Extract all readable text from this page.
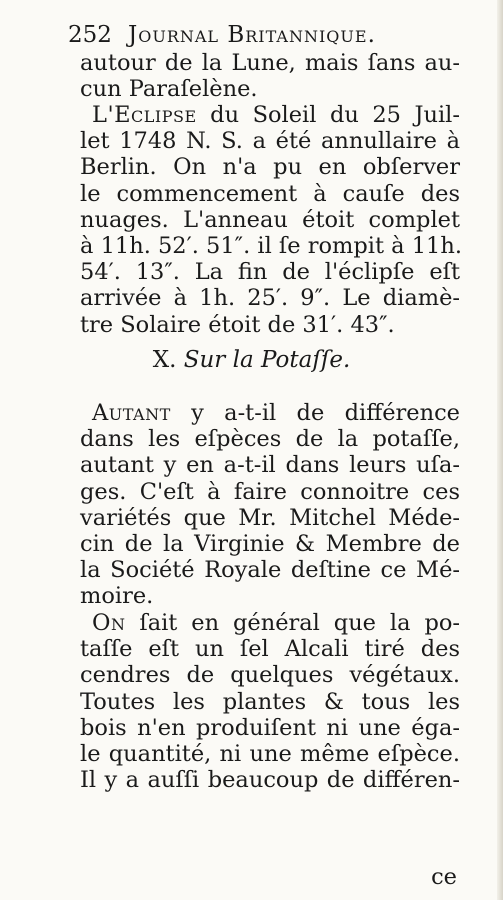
252 Journal Britannique.
autour de la Lune, mais ſans au-
cun Paraſelène.
L'Eclipse du Soleil du 25 Juil-
let 1748 N. S. a été annullaire à
Berlin. On n'a pu en obſerver
le commencement à cauſe des
nuages. L'anneau étoit complet
à 11h. 52′. 51″. il ſe rompit à 11h.
54′. 13″. La fin de l'éclipſe eſt
arrivée à 1h. 25′. 9″. Le diamè-
tre Solaire étoit de 31′. 43″.
X. Sur la Potaſſe.
Autant y a-t-il de différence
dans les eſpèces de la potaſſe,
autant y en a-t-il dans leurs uſa-
ges. C'eſt à faire connoitre ces
variétés que Mr. Mitchel Méde-
cin de la Virginie & Membre de
la Société Royale deſtine ce Mé-
moire.
On ſait en général que la po-
taſſe eſt un ſel Alcali tiré des
cendres de quelques végétaux.
Toutes les plantes & tous les
bois n'en produiſent ni une éga-
le quantité, ni une même eſpèce.
Il y a auſſi beaucoup de différen-
ce
